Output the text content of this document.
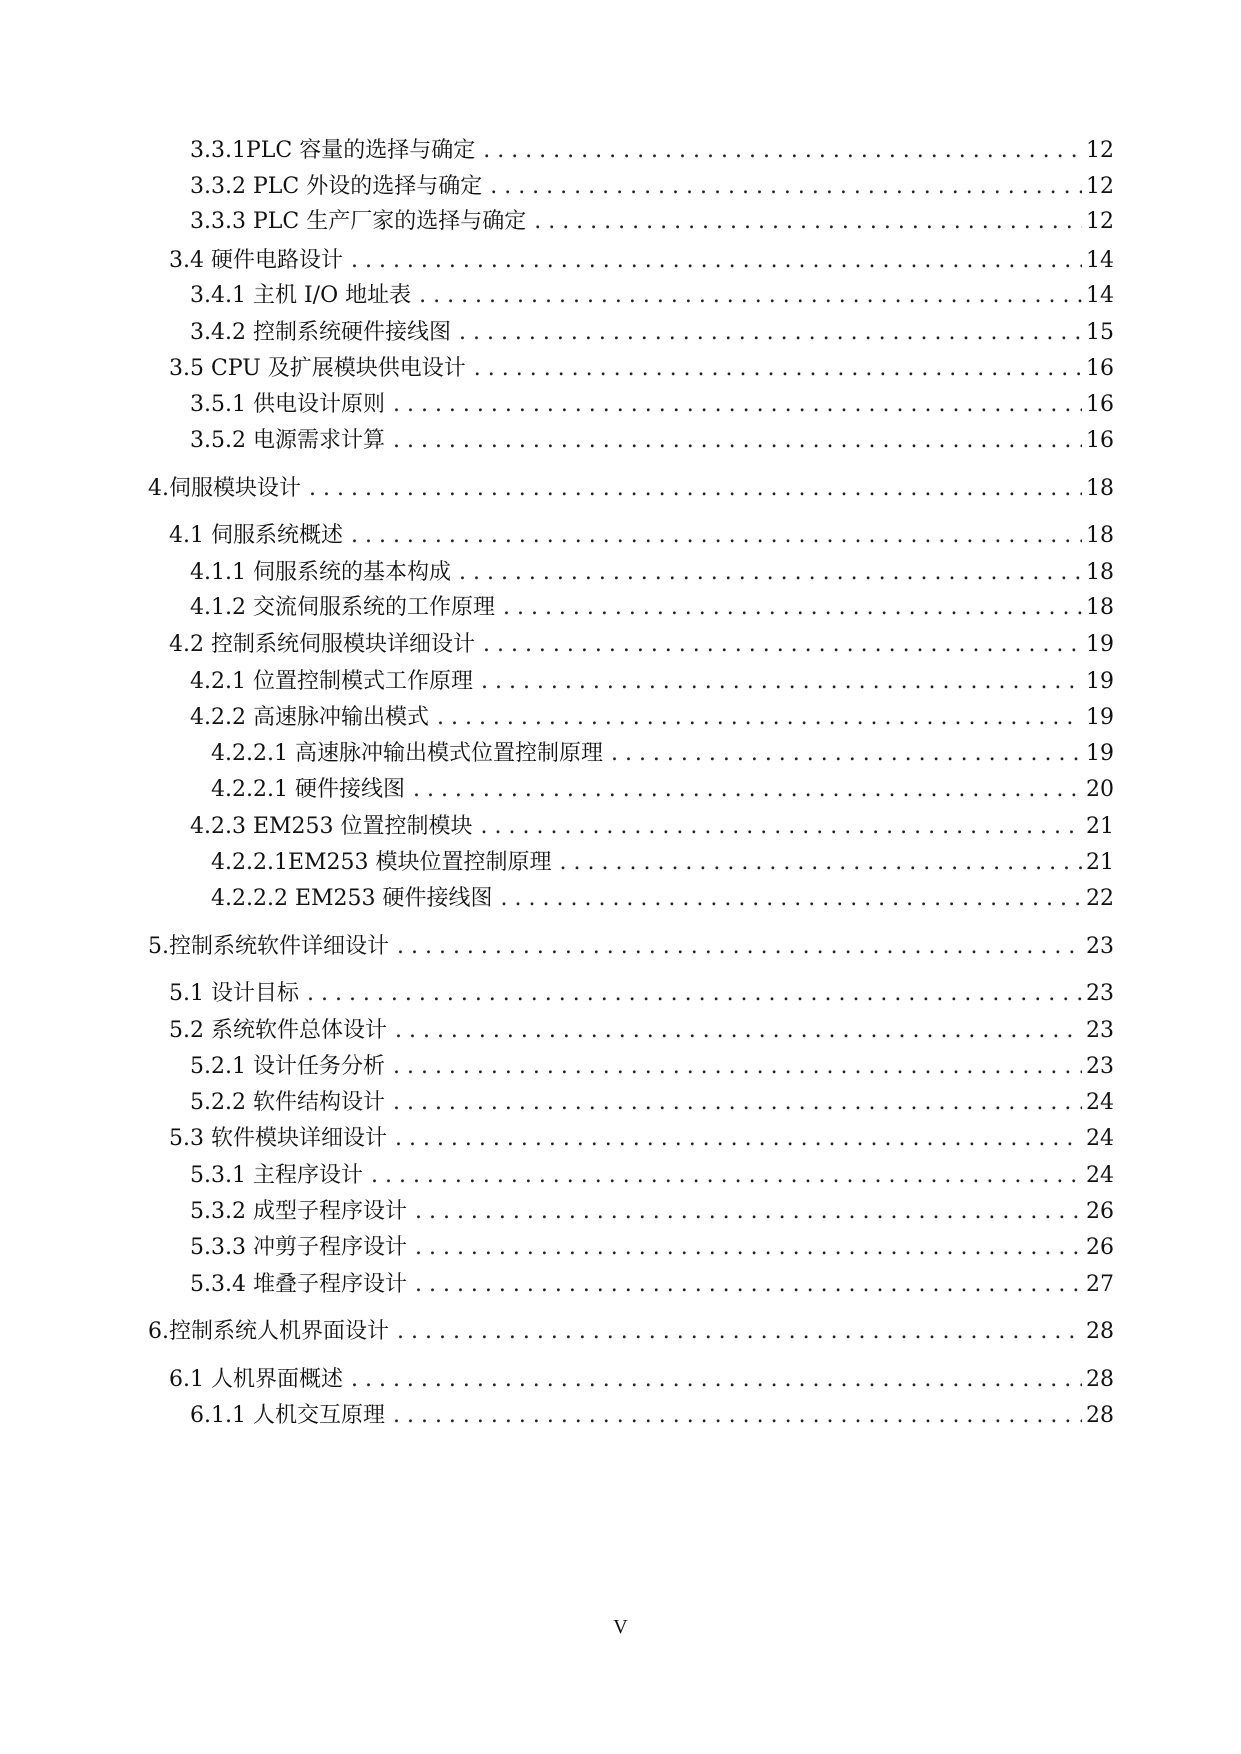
3.3.1PLC 容量的选择与确定 . . .	12
3.3.2 PLC 外设的选择与确定 . . .	12
3.3.3 PLC 生产厂家的选择与确定 . . .	12
3.4 硬件电路设计 . . .	14
3.4.1 主机 I/O 地址表 . . .	14
3.4.2 控制系统硬件接线图 . . .	15
3.5 CPU 及扩展模块供电设计 . . .	16
3.5.1 供电设计原则 . . .	16
3.5.2 电源需求计算 . . .	16
4.伺服模块设计 . . .	18
4.1 伺服系统概述 . . .	18
4.1.1 伺服系统的基本构成 . . .	18
4.1.2 交流伺服系统的工作原理 . . .	18
4.2 控制系统伺服模块详细设计 . . .	19
4.2.1 位置控制模式工作原理 . . .	19
4.2.2 高速脉冲输出模式 . . .	19
4.2.2.1 高速脉冲输出模式位置控制原理 . . .	19
4.2.2.1 硬件接线图 . . .	20
4.2.3 EM253 位置控制模块 . . .	21
4.2.2.1EM253 模块位置控制原理 . . .	21
4.2.2.2 EM253 硬件接线图 . . .	22
5.控制系统软件详细设计 . . .	23
5.1 设计目标 . . .	23
5.2 系统软件总体设计 . . .	23
5.2.1 设计任务分析 . . .	23
5.2.2 软件结构设计 . . .	24
5.3 软件模块详细设计 . . .	24
5.3.1 主程序设计 . . .	24
5.3.2 成型子程序设计 . . .	26
5.3.3 冲剪子程序设计 . . .	26
5.3.4 堆叠子程序设计 . . .	27
6.控制系统人机界面设计 . . .	28
6.1 人机界面概述 . . .	28
6.1.1 人机交互原理 . . .	28
V
